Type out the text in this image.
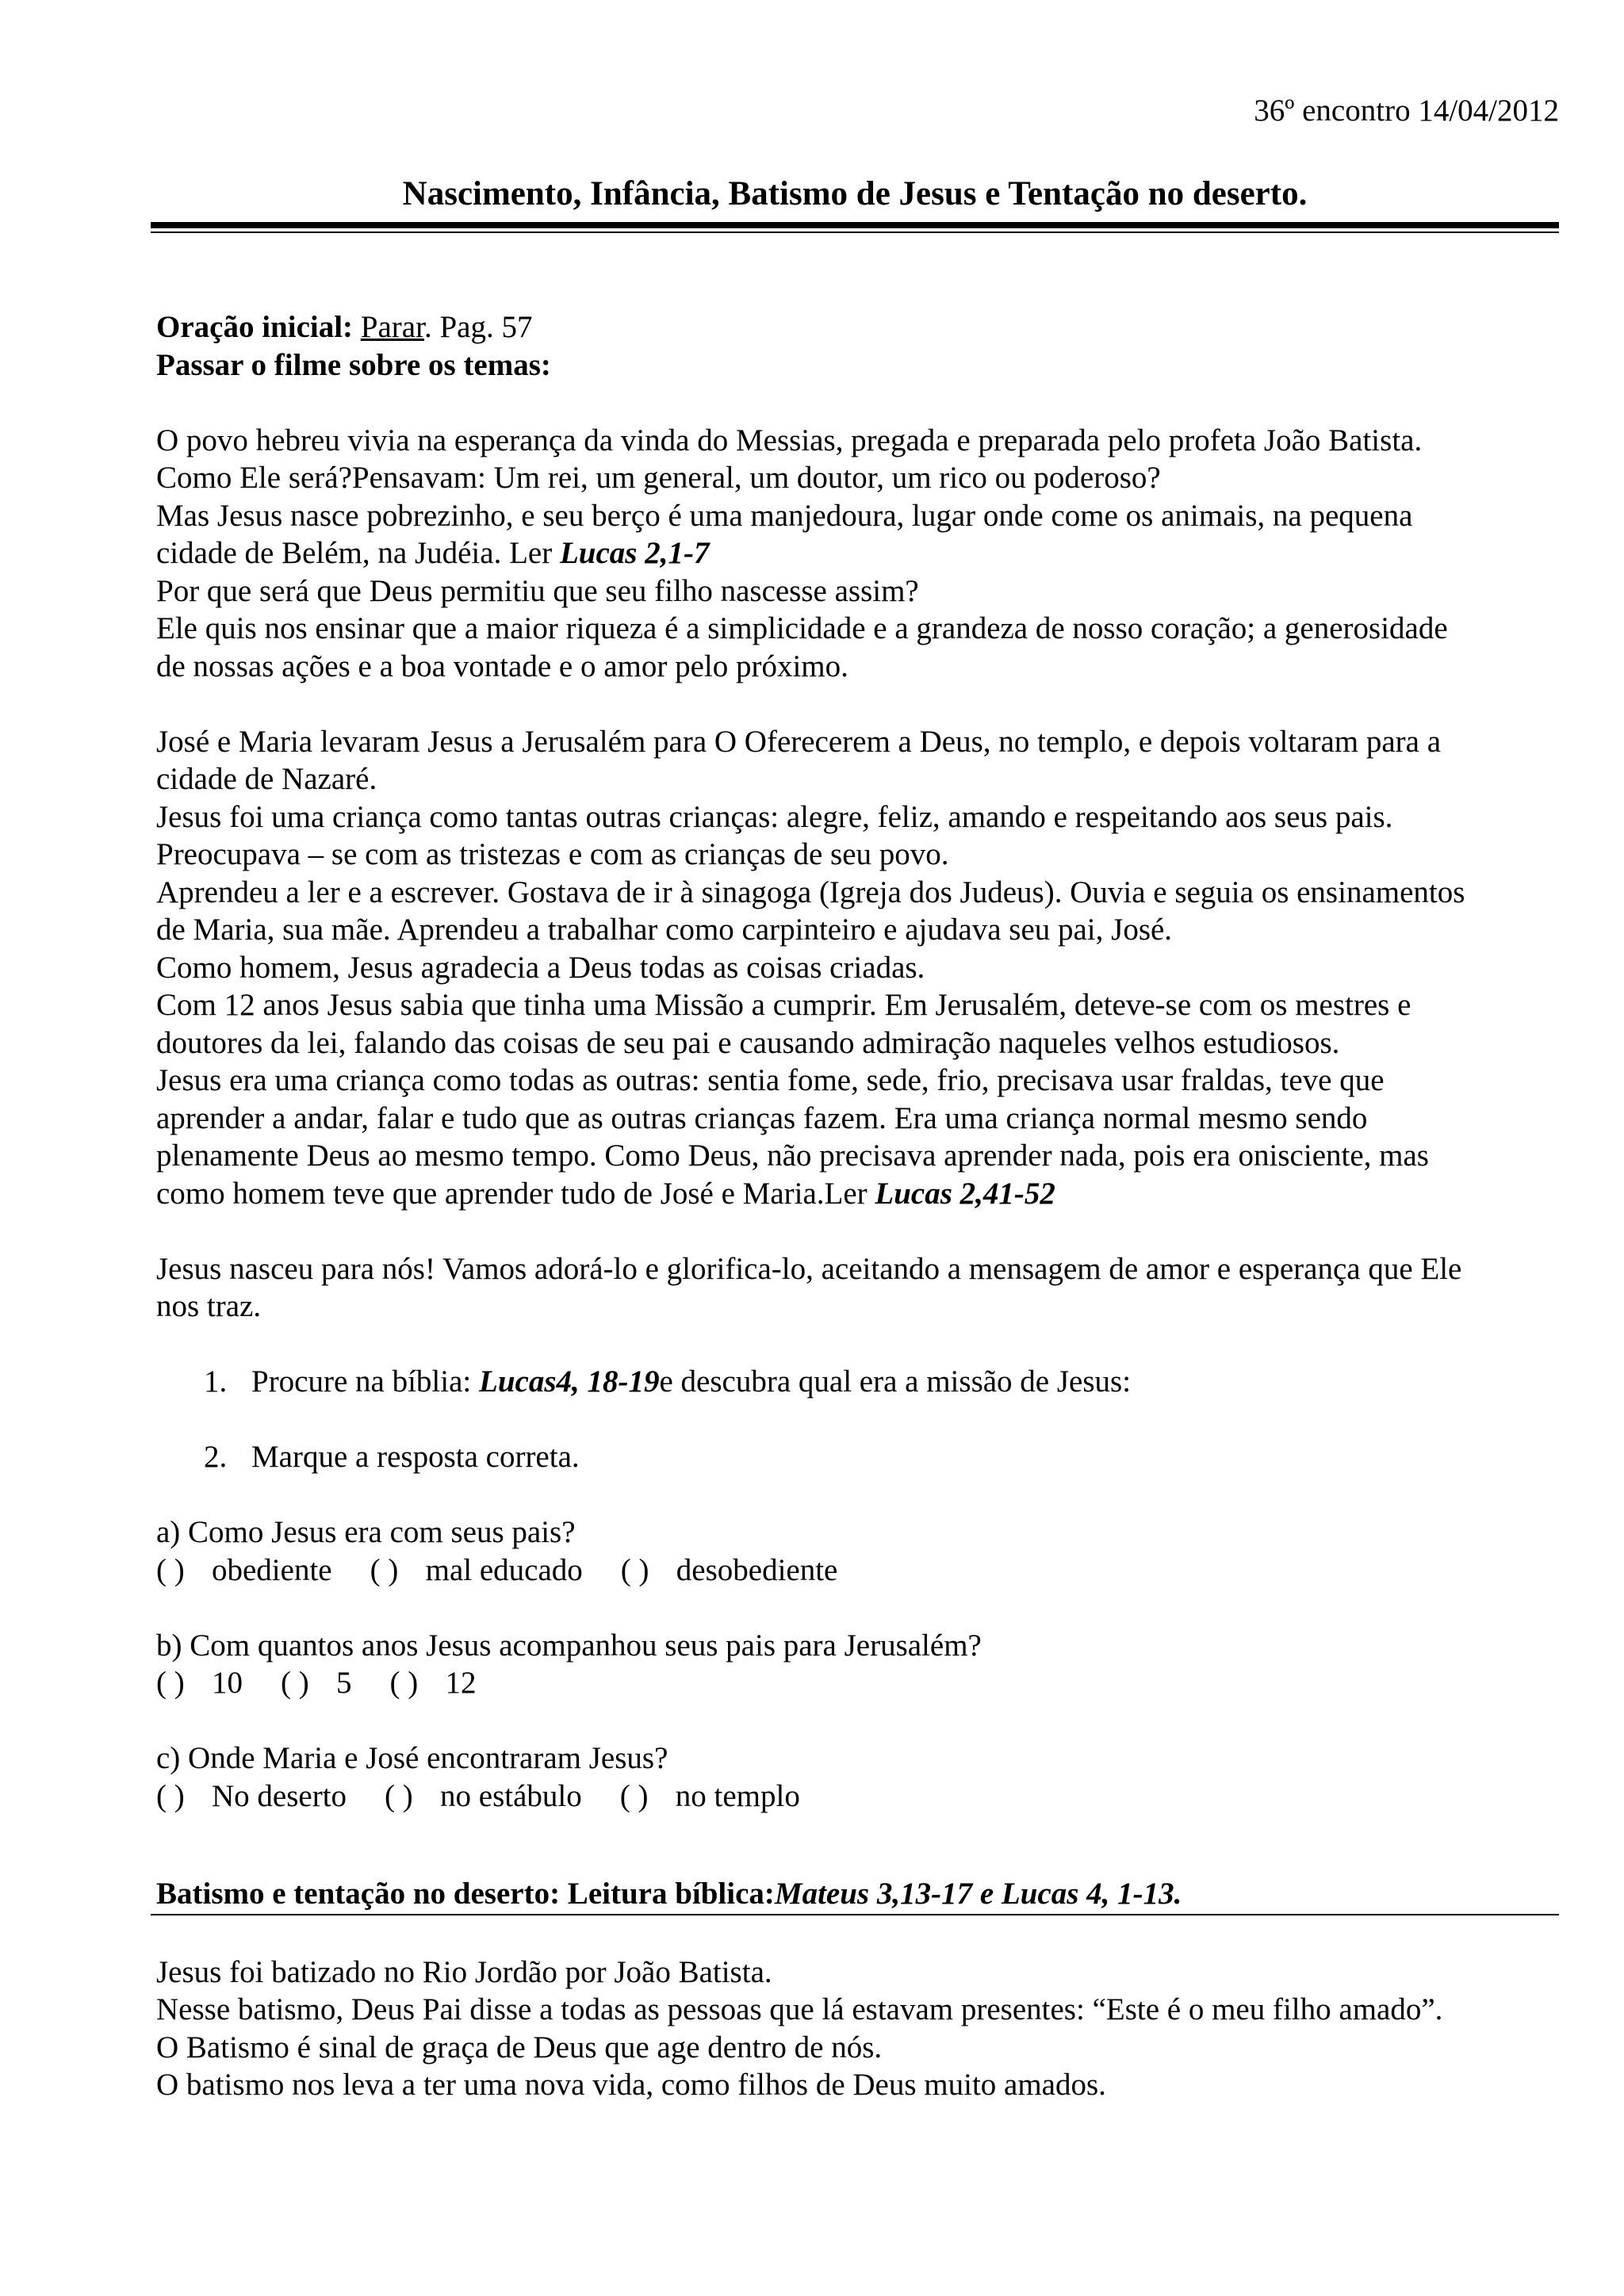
36º encontro 14/04/2012
Nascimento, Infância, Batismo de Jesus e Tentação no deserto.

Oração inicial: Parar. Pag. 57

Passar o filme sobre os temas:

O povo hebreu vivia na esperança da vinda do Messias, pregada e preparada pelo profeta João Batista.

Como Ele será?Pensavam: Um rei, um general, um doutor, um rico ou poderoso?

Mas Jesus nasce pobrezinho, e seu berço é uma manjedoura, lugar onde come os animais, na pequena

cidade de Belém, na Judéia. Ler Lucas 2,1-7

Por que será que Deus permitiu que seu filho nascesse assim?

Ele quis nos ensinar que a maior riqueza é a simplicidade e a grandeza de nosso coração; a generosidade

de nossas ações e a boa vontade e o amor pelo próximo.

José e Maria levaram Jesus a Jerusalém para O Oferecerem a Deus, no templo, e depois voltaram para a

cidade de Nazaré.

Jesus foi uma criança como tantas outras crianças: alegre, feliz, amando e respeitando aos seus pais.

Preocupava – se com as tristezas e com as crianças de seu povo.

Aprendeu a ler e a escrever. Gostava de ir à sinagoga (Igreja dos Judeus). Ouvia e seguia os ensinamentos

de Maria, sua mãe. Aprendeu a trabalhar como carpinteiro e ajudava seu pai, José.

Como homem, Jesus agradecia a Deus todas as coisas criadas.

Com 12 anos Jesus sabia que tinha uma Missão a cumprir. Em Jerusalém, deteve-se com os mestres e

doutores da lei, falando das coisas de seu pai e causando admiração naqueles velhos estudiosos.

Jesus era uma criança como todas as outras: sentia fome, sede, frio, precisava usar fraldas, teve que

aprender a andar, falar e tudo que as outras crianças fazem. Era uma criança normal mesmo sendo

plenamente Deus ao mesmo tempo. Como Deus, não precisava aprender nada, pois era onisciente, mas

como homem teve que aprender tudo de José e Maria.Ler Lucas 2,41-52

Jesus nasceu para nós! Vamos adorá-lo e glorifica-lo, aceitando a mensagem de amor e esperança que Ele

nos traz.

1. Procure na bíblia: Lucas4, 18-19e descubra qual era a missão de Jesus:
2. Marque a resposta correta.

a) Como Jesus era com seus pais?

( ) obediente ( ) mal educado ( ) desobediente

b) Com quantos anos Jesus acompanhou seus pais para Jerusalém?

( ) 10 ( ) 5 ( ) 12

c) Onde Maria e José encontraram Jesus?

( ) No deserto ( ) no estábulo ( ) no templo

Batismo e tentação no deserto: Leitura bíblica:Mateus 3,13-17 e Lucas 4, 1-13.

Jesus foi batizado no Rio Jordão por João Batista.

Nesse batismo, Deus Pai disse a todas as pessoas que lá estavam presentes: “Este é o meu filho amado”.

O Batismo é sinal de graça de Deus que age dentro de nós.

O batismo nos leva a ter uma nova vida, como filhos de Deus muito amados.
